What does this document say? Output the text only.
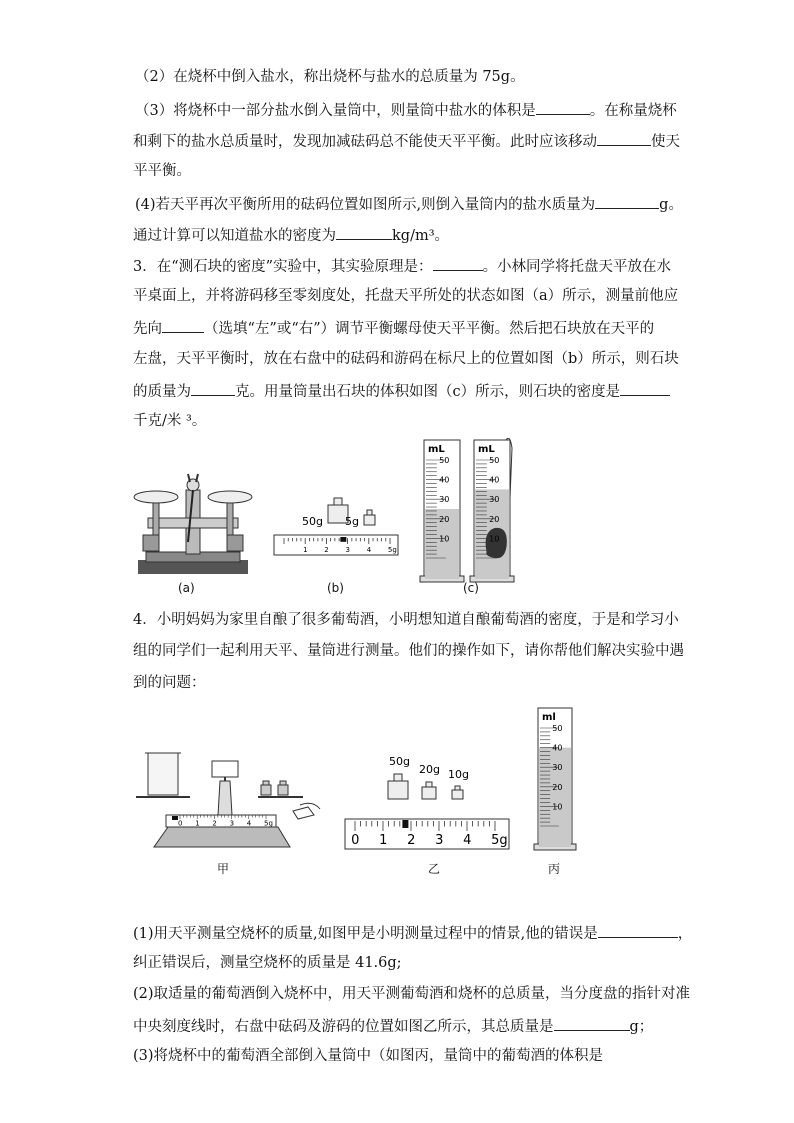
（2）在烧杯中倒入盐水，称出烧杯与盐水的总质量为 75g。
（3）将烧杯中一部分盐水倒入量筒中，则量筒中盐水的体积是	。在称量烧杯
和剩下的盐水总质量时，发现加减砝码总不能使天平平衡。此时应该移动	使天
平平衡。
(4)若天平再次平衡所用的砝码位置如图所示,则倒入量筒内的盐水质量为	g。
通过计算可以知道盐水的密度为	kg/m³。
3．在“测石块的密度”实验中，其实验原理是：	。小林同学将托盘天平放在水
平桌面上，并将游码移至零刻度处，托盘天平所处的状态如图（a）所示，测量前他应
先向	（选填“左”或“右”）调节平衡螺母使天平平衡。然后把石块放在天平的
左盘，天平平衡时，放在右盘中的砝码和游码在标尺上的位置如图（b）所示，则石块
的质量为	克。用量筒量出石块的体积如图（c）所示，则石块的密度是
千克/米 ³。
(a)
50g 5g
1 2 3 4 5g
(b)
50
40
30
20
10
mL
50
40
30
20
10
mL
(c)
4．小明妈妈为家里自酿了很多葡萄酒，小明想知道自酿葡萄酒的密度，于是和学习小
组的同学们一起利用天平、量筒进行测量。他们的操作如下，请你帮他们解决实验中遇
到的问题：
0 1 2 3 4 5g
甲
50g
20g 10g
0 1 2 3 4 5g
乙
50
40
30
20
10
ml
丙
(1)用天平测量空烧杯的质量,如图甲是小明测量过程中的情景,他的错误是	，
纠正错误后，测量空烧杯的质量是 41.6g;
(2)取适量的葡萄酒倒入烧杯中，用天平测葡萄酒和烧杯的总质量，当分度盘的指针对准
中央刻度线时，右盘中砝码及游码的位置如图乙所示，其总质量是	g；
(3)将烧杯中的葡萄酒全部倒入量筒中（如图丙，量筒中的葡萄酒的体积是
